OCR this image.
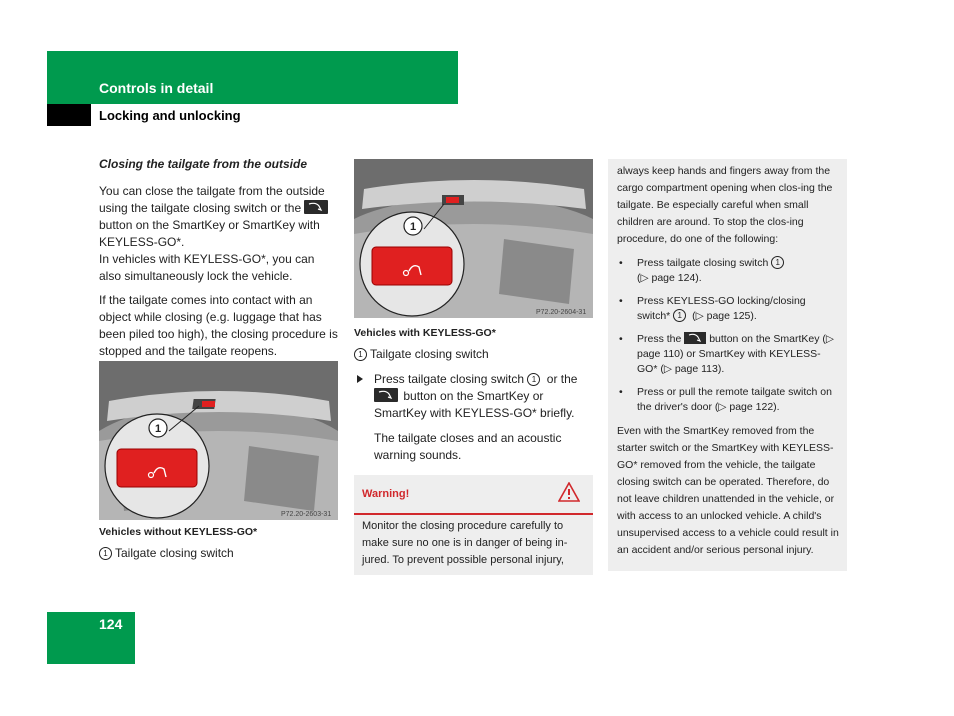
Controls in detail
Locking and unlocking

Closing the tailgate from the outside

You can close the tailgate from the outside using the tailgate closing switch or the
button on the SmartKey or SmartKey with KEYLESS-GO*.
In vehicles with KEYLESS-GO*, you can also simultaneously lock the vehicle.

If the tailgate comes into contact with an object while closing (e.g. luggage that has been piled too high), the closing procedure is stopped and the tailgate reopens.

1
P72.20-2603-31
Vehicles without KEYLESS-GO*
1 Tailgate closing switch
1
P72.20-2604-31
Vehicles with KEYLESS-GO*
1 Tailgate closing switch
Press tailgate closing switch 1 or the
button on the SmartKey or SmartKey with KEYLESS-GO* briefly.
The tailgate closes and an acoustic warning sounds.
Warning!
Monitor the closing procedure carefully to make sure no one is in danger of being in-jured. To prevent possible personal injury,

always keep hands and fingers away from the cargo compartment opening when clos-ing the tailgate. Be especially careful when small children are around. To stop the clos-ing procedure, do one of the following:

• Press tailgate closing switch 1
(▷ page 124).
• Press KEYLESS-GO locking/closing switch* 1 (▷ page 125).
• Press the	button on the SmartKey (▷ page 110) or SmartKey with KEYLESS-GO* (▷ page 113).
• Press or pull the remote tailgate switch on the driver's door (▷ page 122).

Even with the SmartKey removed from the starter switch or the SmartKey with KEYLESS-GO* removed from the vehicle, the tailgate closing switch can be operated. Therefore, do not leave children unattended in the vehicle, or with access to an unlocked vehicle. A child's unsupervised access to a vehicle could result in an accident and/or serious personal injury.

124
